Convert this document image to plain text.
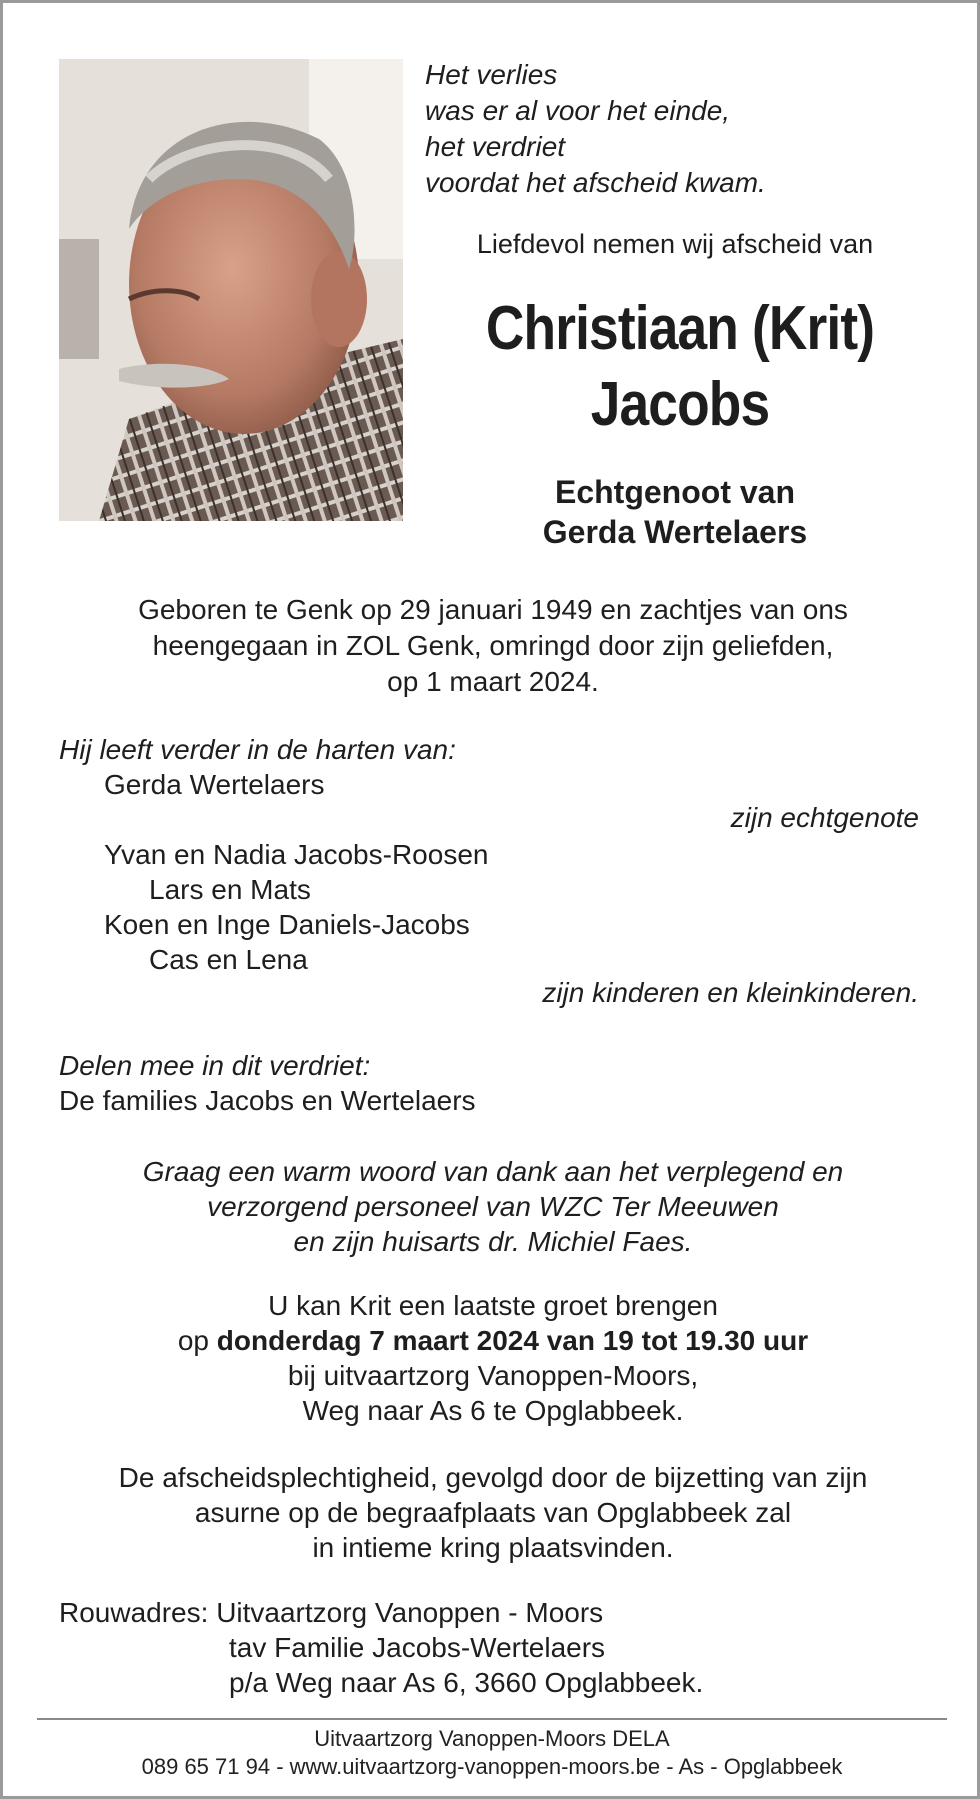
Het verlies
was er al voor het einde,
het verdriet
voordat het afscheid kwam.
Liefdevol nemen wij afscheid van
Christiaan (Krit)
Jacobs
Echtgenoot van
Gerda Wertelaers
Geboren te Genk op 29 januari 1949 en zachtjes van ons
heengegaan in ZOL Genk, omringd door zijn geliefden,
op 1 maart 2024.
Hij leeft verder in de harten van:
Gerda Wertelaers
zijn echtgenote
Yvan en Nadia Jacobs-Roosen
Lars en Mats
Koen en Inge Daniels-Jacobs
Cas en Lena
zijn kinderen en kleinkinderen.
Delen mee in dit verdriet:
De families Jacobs en Wertelaers
Graag een warm woord van dank aan het verplegend en
verzorgend personeel van WZC Ter Meeuwen
en zijn huisarts dr. Michiel Faes.
U kan Krit een laatste groet brengen
op donderdag 7 maart 2024 van 19 tot 19.30 uur
bij uitvaartzorg Vanoppen-Moors,
Weg naar As 6 te Opglabbeek.
De afscheidsplechtigheid, gevolgd door de bijzetting van zijn
asurne op de begraafplaats van Opglabbeek zal
in intieme kring plaatsvinden.
Rouwadres: Uitvaartzorg Vanoppen - Moors
tav Familie Jacobs-Wertelaers
p/a Weg naar As 6, 3660 Opglabbeek.
Uitvaartzorg Vanoppen-Moors DELA
089 65 71 94 - www.uitvaartzorg-vanoppen-moors.be - As - Opglabbeek
